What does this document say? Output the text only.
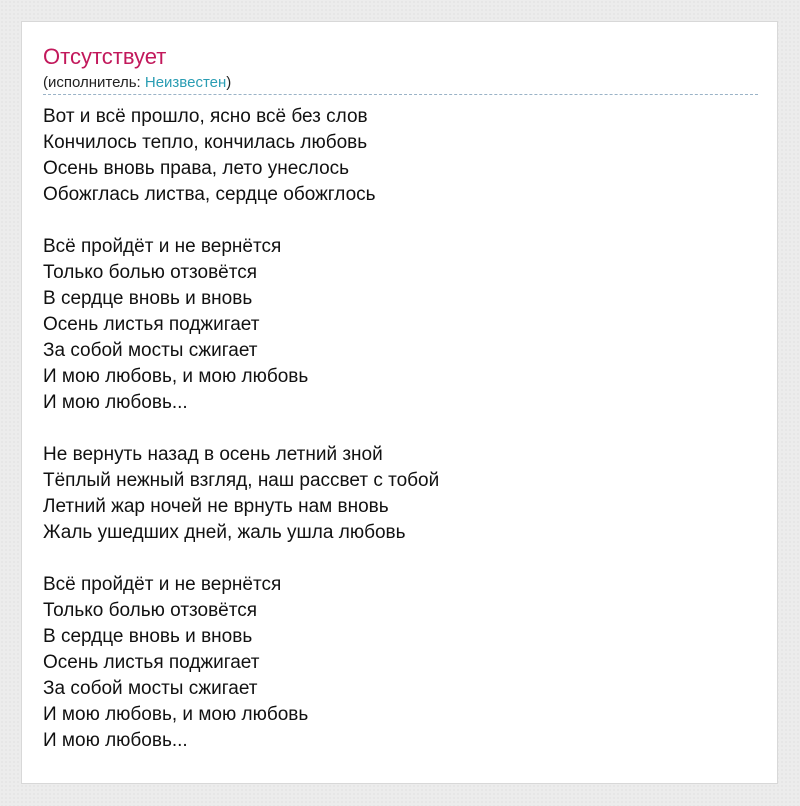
Отсутствует
(исполнитель: Неизвестен)
Вот и всё прошло, ясно всё без слов
Кончилось тепло, кончилась любовь
Осень вновь права, лето унеслось
Обожглась листва, сердце обожглось
Всё пройдёт и не вернётся
Только болью отзовётся
В сердце вновь и вновь
Осень листья поджигает
За собой мосты сжигает
И мою любовь, и мою любовь
И мою любовь...
Не вернуть назад в осень летний зной
Тёплый нежный взгляд, наш рассвет с тобой
Летний жар ночей не врнуть нам вновь
Жаль ушедших дней, жаль ушла любовь
Всё пройдёт и не вернётся
Только болью отзовётся
В сердце вновь и вновь
Осень листья поджигает
За собой мосты сжигает
И мою любовь, и мою любовь
И мою любовь...
